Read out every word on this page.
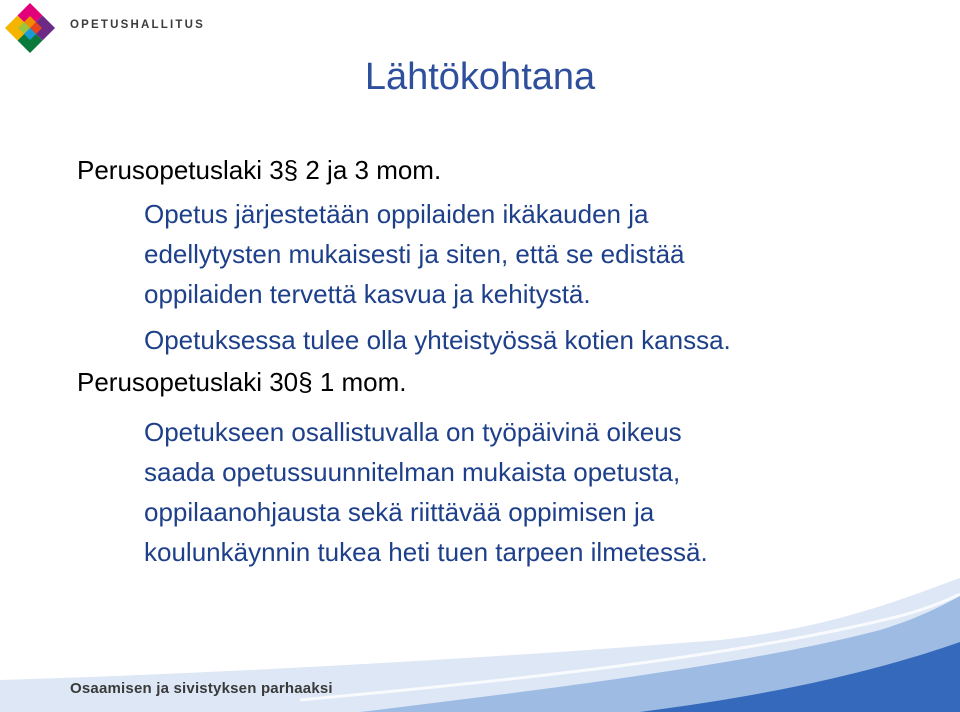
OPETUSHALLITUS
Lähtökohtana

Perusopetuslaki 3§ 2 ja 3 mom.

Opetus järjestetään oppilaiden ikäkauden ja
edellytysten mukaisesti ja siten, että se edistää
oppilaiden tervettä kasvua ja kehitystä.

Opetuksessa tulee olla yhteistyössä kotien kanssa.

Perusopetuslaki 30§ 1 mom.

Opetukseen osallistuvalla on työpäivinä oikeus
saada opetussuunnitelman mukaista opetusta,
oppilaanohjausta sekä riittävää oppimisen ja
koulunkäynnin tukea heti tuen tarpeen ilmetessä.

Osaamisen ja sivistyksen parhaaksi
